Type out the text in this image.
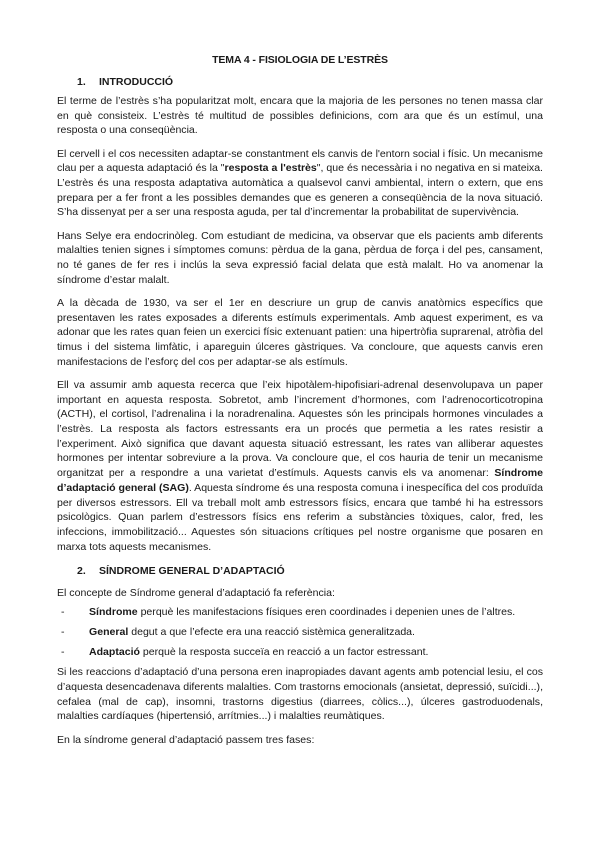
TEMA 4 - FISIOLOGIA DE L’ESTRÈS
1. INTRODUCCIÓ

El terme de l’estrès s’ha popularitzat molt, encara que la majoria de les persones no tenen massa clar en què consisteix. L’estrès té multitud de possibles definicions, com ara que és un estímul, una resposta o una conseqüència.

El cervell i el cos necessiten adaptar-se constantment els canvis de l'entorn social i físic. Un mecanisme clau per a aquesta adaptació és la "resposta a l'estrès", que és necessària i no negativa en si mateixa. L’estrès és una resposta adaptativa automàtica a qualsevol canvi ambiental, intern o extern, que ens prepara per a fer front a les possibles demandes que es generen a conseqüència de la nova situació. S’ha dissenyat per a ser una resposta aguda, per tal d’incrementar la probabilitat de supervivència.

Hans Selye era endocrinòleg. Com estudiant de medicina, va observar que els pacients amb diferents malalties tenien signes i símptomes comuns: pèrdua de la gana, pèrdua de força i del pes, cansament, no té ganes de fer res i inclús la seva expressió facial delata que està malalt. Ho va anomenar la síndrome d’estar malalt.

A la dècada de 1930, va ser el 1er en descriure un grup de canvis anatòmics específics que presentaven les rates exposades a diferents estímuls experimentals. Amb aquest experiment, es va adonar que les rates quan feien un exercici físic extenuant patien: una hipertròfia suprarenal, atròfia del timus i del sistema limfàtic, i apareguin úlceres gàstriques. Va concloure, que aquests canvis eren manifestacions de l’esforç del cos per adaptar-se als estímuls.

Ell va assumir amb aquesta recerca que l’eix hipotàlem-hipofisiari-adrenal desenvolupava un paper important en aquesta resposta. Sobretot, amb l’increment d’hormones, com l’adrenocorticotropina (ACTH), el cortisol, l’adrenalina i la noradrenalina. Aquestes són les principals hormones vinculades a l’estrès. La resposta als factors estressants era un procés que permetia a les rates resistir a l’experiment. Això significa que davant aquesta situació estressant, les rates van alliberar aquestes hormones per intentar sobreviure a la prova. Va concloure que, el cos hauria de tenir un mecanisme organitzat per a respondre a una varietat d’estímuls. Aquests canvis els va anomenar: Síndrome d’adaptació general (SAG). Aquesta síndrome és una resposta comuna i inespecífica del cos produïda per diversos estressors. Ell va treball molt amb estressors físics, encara que també hi ha estressors psicològics. Quan parlem d’estressors físics ens referim a substàncies tòxiques, calor, fred, les infeccions, immobilització... Aquestes són situacions crítiques pel nostre organisme que posaren en marxa tots aquests mecanismes.

2. SÍNDROME GENERAL D’ADAPTACIÓ

El concepte de Síndrome general d’adaptació fa referència:

- Síndrome perquè les manifestacions físiques eren coordinades i depenien unes de l’altres.
- General degut a que l’efecte era una reacció sistèmica generalitzada.
- Adaptació perquè la resposta succeïa en reacció a un factor estressant.

Si les reaccions d’adaptació d’una persona eren inapropiades davant agents amb potencial lesiu, el cos d’aquesta desencadenava diferents malalties. Com trastorns emocionals (ansietat, depressió, suïcidi...), cefalea (mal de cap), insomni, trastorns digestius (diarrees, còlics...), úlceres gastroduodenals, malalties cardíaques (hipertensió, arrítmies...) i malalties reumàtiques.

En la síndrome general d’adaptació passem tres fases:
